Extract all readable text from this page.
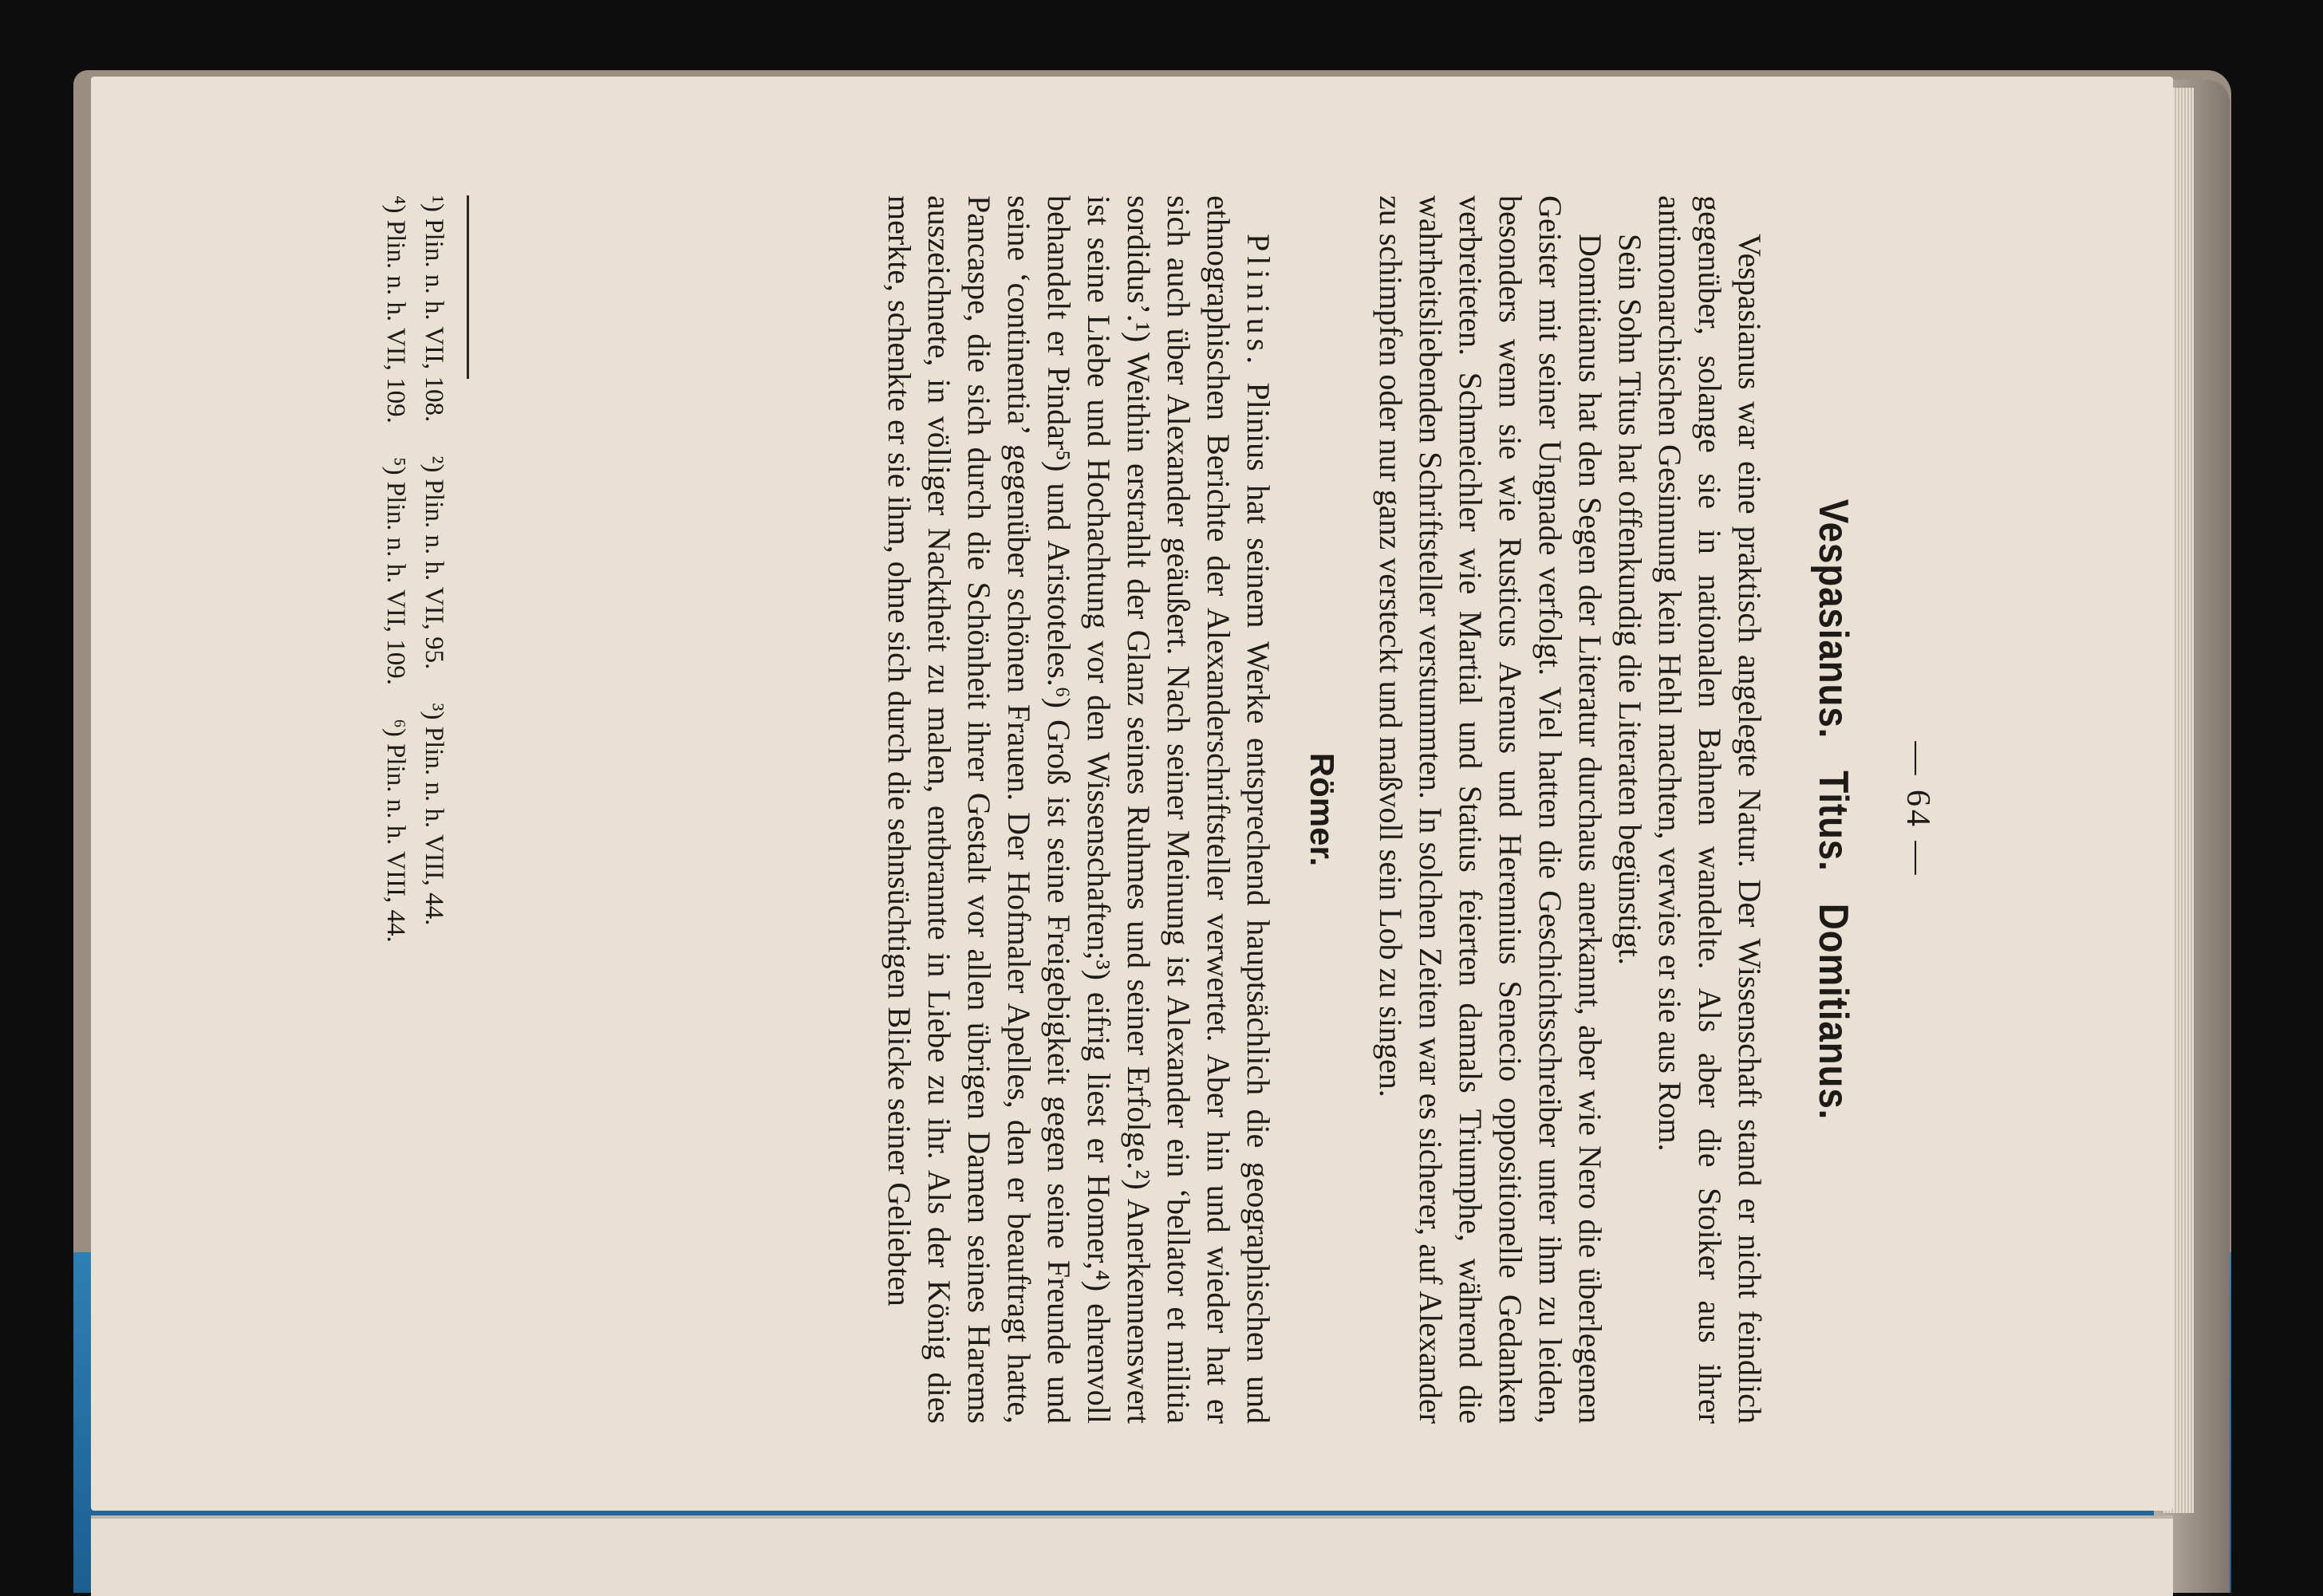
— 64 —
Vespasianus. Titus. Domitianus.

Vespasianus war eine praktisch angelegte Natur. Der Wissenschaft stand er nicht feindlich gegenüber, solange sie in nationalen Bahnen wandelte. Als aber die Stoiker aus ihrer antimonarchischen Gesinnung kein Hehl machten, verwies er sie aus Rom.

Sein Sohn Titus hat offenkundig die Literaten begünstigt.

Domitianus hat den Segen der Literatur durchaus anerkannt, aber wie Nero die überlegenen Geister mit seiner Ungnade verfolgt. Viel hatten die Geschichtsschreiber unter ihm zu leiden, besonders wenn sie wie Rusticus Arenus und Herennius Senecio oppositionelle Gedanken verbreiteten. Schmeichler wie Martial und Statius feierten damals Triumphe, während die wahrheitsliebenden Schriftsteller verstummten. In solchen Zeiten war es sicherer, auf Alexander zu schimpfen oder nur ganz versteckt und maßvoll sein Lob zu singen.

Römer.

Plinius. Plinius hat seinem Werke entsprechend hauptsächlich die geographischen und ethnographischen Berichte der Alexanderschriftsteller verwertet. Aber hin und wieder hat er sich auch über Alexander geäußert. Nach seiner Meinung ist Alexander ein ‘bellator et militia sordidus’.¹) Weithin erstrahlt der Glanz seines Ruhmes und seiner Erfolge.²) Anerkennenswert ist seine Liebe und Hochachtung vor den Wissenschaften;³) eifrig liest er Homer,⁴) ehrenvoll behandelt er Pindar⁵) und Aristoteles.⁶) Groß ist seine Freigebigkeit gegen seine Freunde und seine ‘continentia’ gegenüber schönen Frauen. Der Hofmaler Apelles, den er beauftragt hatte, Pancaspe, die sich durch die Schönheit ihrer Gestalt vor allen übrigen Damen seines Harems auszeichnete, in völliger Nacktheit zu malen, entbrannte in Liebe zu ihr. Als der König dies merkte, schenkte er sie ihm, ohne sich durch die sehnsüchtigen Blicke seiner Geliebten

¹) Plin. n. h. VII, 108. ²) Plin. n. h. VII, 95. ³) Plin. n. h. VIII, 44.
⁴) Plin. n. h. VII, 109. ⁵) Plin. n. h. VII, 109. ⁶) Plin. n. h. VIII, 44.
